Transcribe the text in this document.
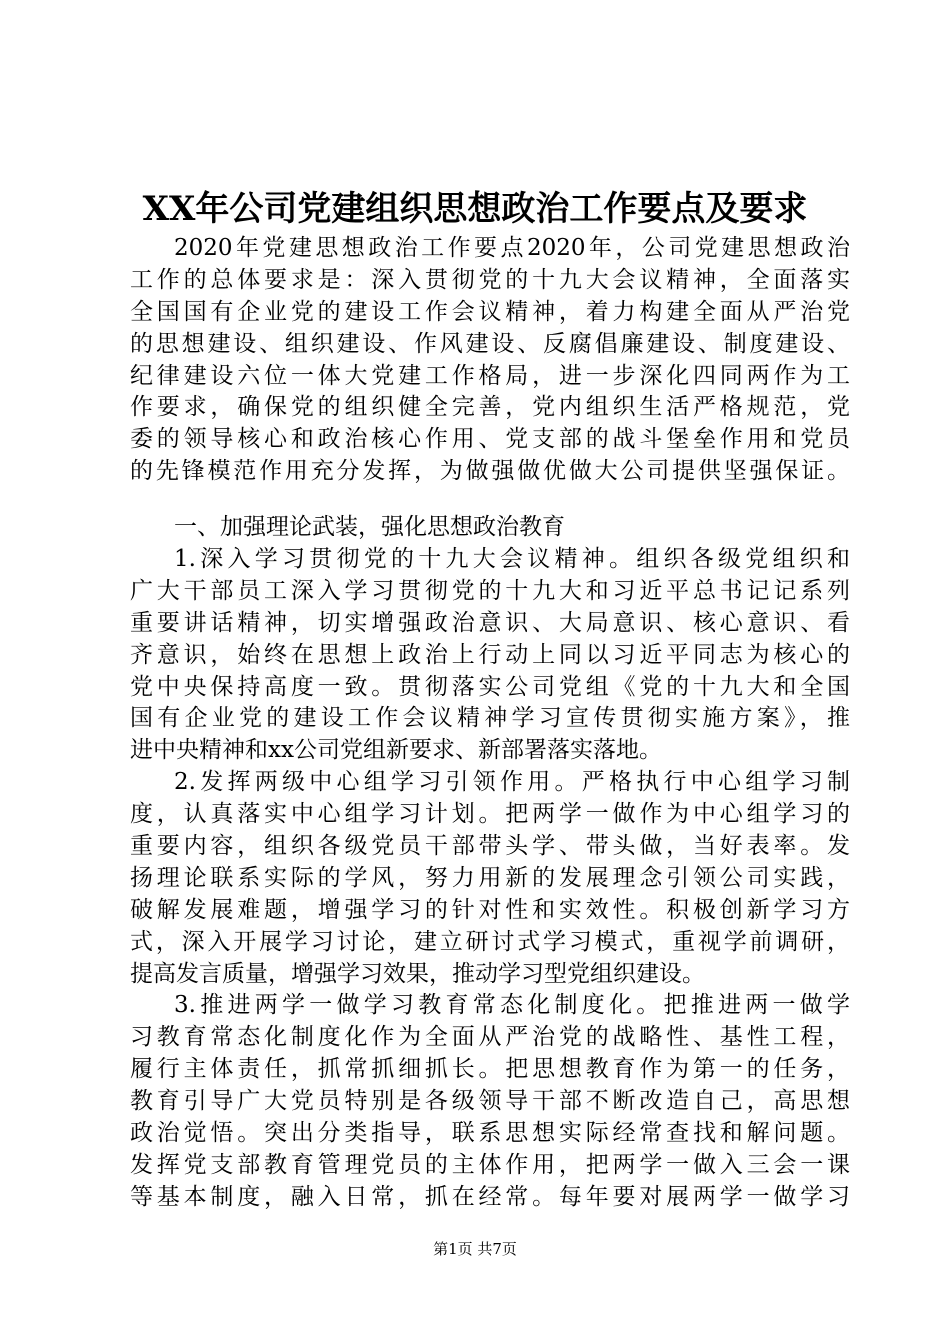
XX年公司党建组织思想政治工作要点及要求
2020年党建思想政治工作要点2020年，公司党建思想政治
工作的总体要求是：深入贯彻党的十九大会议精神，全面落实
全国国有企业党的建设工作会议精神，着力构建全面从严治党
的思想建设、组织建设、作风建设、反腐倡廉建设、制度建设、
纪律建设六位一体大党建工作格局，进一步深化四同两作为工
作要求，确保党的组织健全完善，党内组织生活严格规范，党
委的领导核心和政治核心作用、党支部的战斗堡垒作用和党员
的先锋模范作用充分发挥，为做强做优做大公司提供坚强保证。
一、加强理论武装，强化思想政治教育
1.深入学习贯彻党的十九大会议精神。组织各级党组织和
广大干部员工深入学习贯彻党的十九大和习近平总书记记系列
重要讲话精神，切实增强政治意识、大局意识、核心意识、看
齐意识，始终在思想上政治上行动上同以习近平同志为核心的
党中央保持高度一致。贯彻落实公司党组《党的十九大和全国
国有企业党的建设工作会议精神学习宣传贯彻实施方案》，推
进中央精神和xx公司党组新要求、新部署落实落地。
2.发挥两级中心组学习引领作用。严格执行中心组学习制
度，认真落实中心组学习计划。把两学一做作为中心组学习的
重要内容，组织各级党员干部带头学、带头做，当好表率。发
扬理论联系实际的学风，努力用新的发展理念引领公司实践，
破解发展难题，增强学习的针对性和实效性。积极创新学习方
式，深入开展学习讨论，建立研讨式学习模式，重视学前调研，
提高发言质量，增强学习效果，推动学习型党组织建设。
3.推进两学一做学习教育常态化制度化。把推进两一做学
习教育常态化制度化作为全面从严治党的战略性、基性工程，
履行主体责任，抓常抓细抓长。把思想教育作为第一的任务，
教育引导广大党员特别是各级领导干部不断改造自己，高思想
政治觉悟。突出分类指导，联系思想实际经常查找和解问题。
发挥党支部教育管理党员的主体作用，把两学一做入三会一课
等基本制度，融入日常，抓在经常。每年要对展两学一做学习
第1页 共7页
